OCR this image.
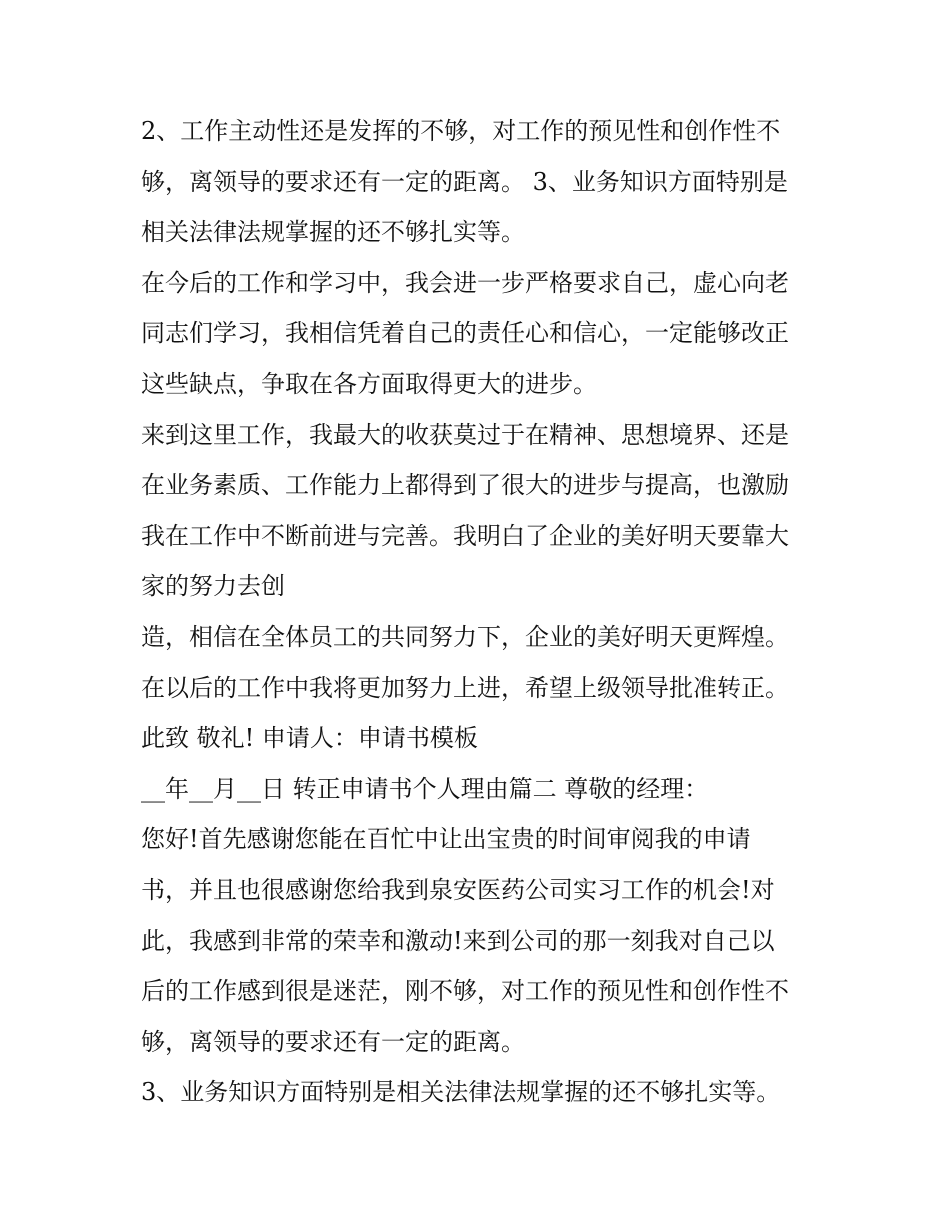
2、工作主动性还是发挥的不够，对工作的预见性和创作性不
够，离领导的要求还有一定的距离。 3、业务知识方面特别是
相关法律法规掌握的还不够扎实等。
在今后的工作和学习中，我会进一步严格要求自己，虚心向老
同志们学习，我相信凭着自己的责任心和信心，一定能够改正
这些缺点，争取在各方面取得更大的进步。
来到这里工作，我最大的收获莫过于在精神、思想境界、还是
在业务素质、工作能力上都得到了很大的进步与提高，也激励
我在工作中不断前进与完善。我明白了企业的美好明天要靠大
家的努力去创
造，相信在全体员工的共同努力下，企业的美好明天更辉煌。
在以后的工作中我将更加努力上进，希望上级领导批准转正。
此致 敬礼! 申请人：申请书模板
__年__月__日 转正申请书个人理由篇二 尊敬的经理：
您好!首先感谢您能在百忙中让出宝贵的时间审阅我的申请
书，并且也很感谢您给我到泉安医药公司实习工作的机会!对
此，我感到非常的荣幸和激动!来到公司的那一刻我对自己以
后的工作感到很是迷茫，刚不够，对工作的预见性和创作性不
够，离领导的要求还有一定的距离。
3、业务知识方面特别是相关法律法规掌握的还不够扎实等。
